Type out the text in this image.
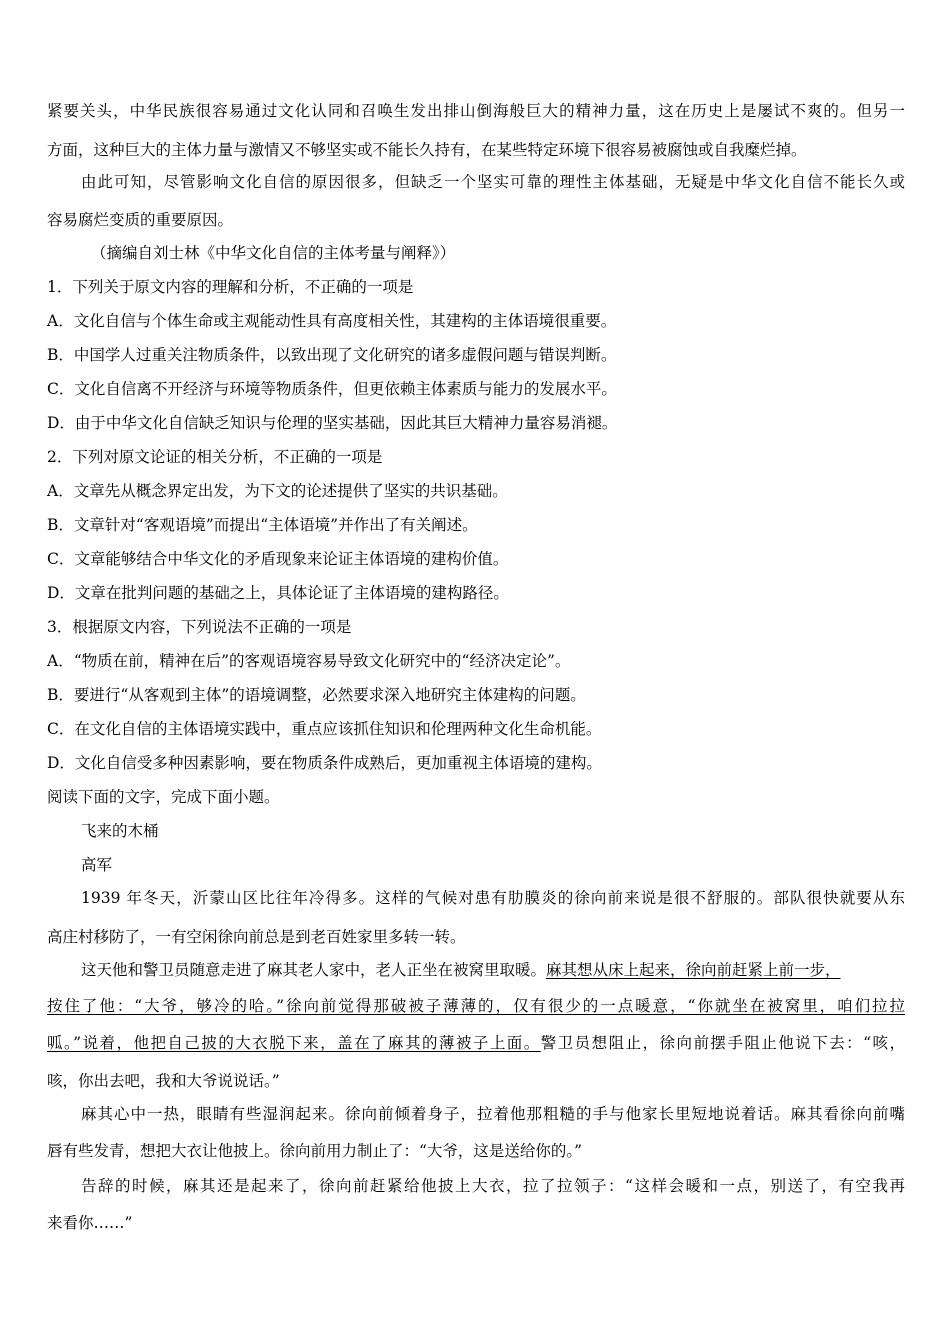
紧要关头，中华民族很容易通过文化认同和召唤生发出排山倒海般巨大的精神力量，这在历史上是屡试不爽的。但另一
方面，这种巨大的主体力量与激情又不够坚实或不能长久持有，在某些特定环境下很容易被腐蚀或自我糜烂掉。
由此可知，尽管影响文化自信的原因很多，但缺乏一个坚实可靠的理性主体基础，无疑是中华文化自信不能长久或
容易腐烂变质的重要原因。
（摘编自刘士林《中华文化自信的主体考量与阐释》）
1．下列关于原文内容的理解和分析，不正确的一项是
A．文化自信与个体生命或主观能动性具有高度相关性，其建构的主体语境很重要。
B．中国学人过重关注物质条件，以致出现了文化研究的诸多虚假问题与错误判断。
C．文化自信离不开经济与环境等物质条件，但更依赖主体素质与能力的发展水平。
D．由于中华文化自信缺乏知识与伦理的坚实基础，因此其巨大精神力量容易消褪。
2．下列对原文论证的相关分析，不正确的一项是
A．文章先从概念界定出发，为下文的论述提供了坚实的共识基础。
B．文章针对“客观语境”而提出“主体语境”并作出了有关阐述。
C．文章能够结合中华文化的矛盾现象来论证主体语境的建构价值。
D．文章在批判问题的基础之上，具体论证了主体语境的建构路径。
3．根据原文内容，下列说法不正确的一项是
A．“物质在前，精神在后”的客观语境容易导致文化研究中的“经济决定论”。
B．要进行“从客观到主体”的语境调整，必然要求深入地研究主体建构的问题。
C．在文化自信的主体语境实践中，重点应该抓住知识和伦理两种文化生命机能。
D．文化自信受多种因素影响，要在物质条件成熟后，更加重视主体语境的建构。
阅读下面的文字，完成下面小题。
飞来的木桶
高军
1939 年冬天，沂蒙山区比往年冷得多。这样的气候对患有肋膜炎的徐向前来说是很不舒服的。部队很快就要从东
高庄村移防了，一有空闲徐向前总是到老百姓家里多转一转。
这天他和警卫员随意走进了麻其老人家中，老人正坐在被窝里取暖。麻其想从床上起来，徐向前赶紧上前一步，
按住了他：“大爷，够冷的哈。”徐向前觉得那破被子薄薄的，仅有很少的一点暖意，“你就坐在被窝里，咱们拉拉
呱。”说着，他把自己披的大衣脱下来，盖在了麻其的薄被子上面。警卫员想阻止，徐向前摆手阻止他说下去：“咳，
咳，你出去吧，我和大爷说说话。”
麻其心中一热，眼睛有些湿润起来。徐向前倾着身子，拉着他那粗糙的手与他家长里短地说着话。麻其看徐向前嘴
唇有些发青，想把大衣让他披上。徐向前用力制止了：“大爷，这是送给你的。”
告辞的时候，麻其还是起来了，徐向前赶紧给他披上大衣，拉了拉领子：“这样会暖和一点，别送了，有空我再
来看你……”
